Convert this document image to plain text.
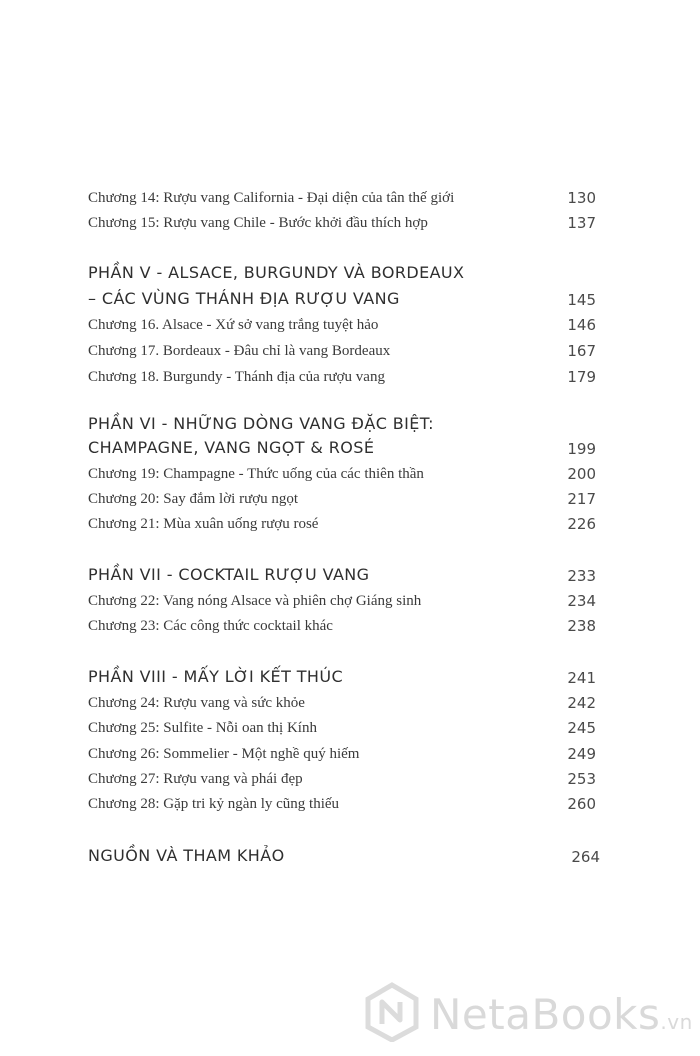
Chương 14: Rượu vang California - Đại diện của tân thế giới	130
Chương 15: Rượu vang Chile - Bước khởi đầu thích hợp	137
PHẦN V - ALSACE, BURGUNDY VÀ BORDEAUX
– CÁC VÙNG THÁNH ĐỊA RƯỢU VANG	145
Chương 16. Alsace - Xứ sở vang trắng tuyệt hảo	146
Chương 17. Bordeaux - Đâu chỉ là vang Bordeaux	167
Chương 18. Burgundy - Thánh địa của rượu vang	179
PHẦN VI - NHỮNG DÒNG VANG ĐẶC BIỆT:
CHAMPAGNE, VANG NGỌT & ROSÉ	199
Chương 19: Champagne - Thức uống của các thiên thần	200
Chương 20: Say đắm lời rượu ngọt	217
Chương 21: Mùa xuân uống rượu rosé	226
PHẦN VII - COCKTAIL RƯỢU VANG	233
Chương 22: Vang nóng Alsace và phiên chợ Giáng sinh	234
Chương 23: Các công thức cocktail khác	238
PHẦN VIII - MẤY LỜI KẾT THÚC	241
Chương 24: Rượu vang và sức khỏe	242
Chương 25: Sulfite - Nỗi oan thị Kính	245
Chương 26: Sommelier - Một nghề quý hiếm	249
Chương 27: Rượu vang và phái đẹp	253
Chương 28: Gặp tri kỷ ngàn ly cũng thiếu	260
NGUỒN VÀ THAM KHẢO	264
NetaBooks.vn
